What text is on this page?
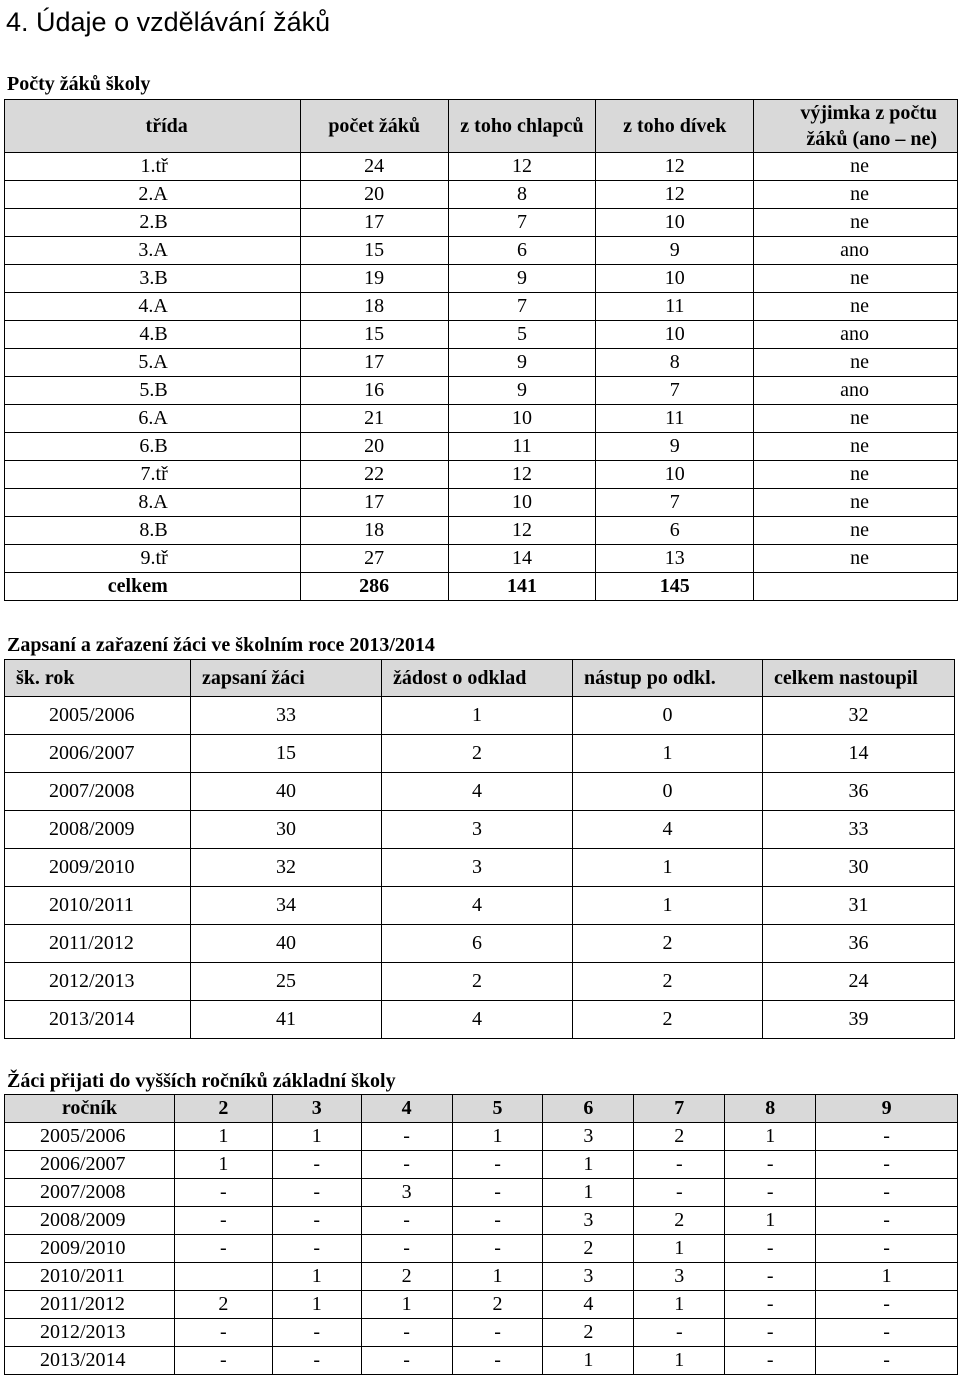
4. Údaje o vzdělávání žáků

Počty žáků školy

třída	počet žáků	z toho chlapců	z toho dívek	výjimka z počtu žáků (ano – ne)
1.tř	24	12	12	ne
2.A	20	8	12	ne
2.B	17	7	10	ne
3.A	15	6	9	ano
3.B	19	9	10	ne
4.A	18	7	11	ne
4.B	15	5	10	ano
5.A	17	9	8	ne
5.B	16	9	7	ano
6.A	21	10	11	ne
6.B	20	11	9	ne
7.tř	22	12	10	ne
8.A	17	10	7	ne
8.B	18	12	6	ne
9.tř	27	14	13	ne
celkem	286	141	145	

Zapsaní a zařazení žáci ve školním roce 2013/2014

šk. rok	zapsaní žáci	žádost o odklad	nástup po odkl.	celkem nastoupil
2005/2006	33	1	0	32
2006/2007	15	2	1	14
2007/2008	40	4	0	36
2008/2009	30	3	4	33
2009/2010	32	3	1	30
2010/2011	34	4	1	31
2011/2012	40	6	2	36
2012/2013	25	2	2	24
2013/2014	41	4	2	39

Žáci přijati do vyšších ročníků základní školy

ročník	2	3	4	5	6	7	8	9
2005/2006	1	1	-	1	3	2	1	-
2006/2007	1	-	-	-	1	-	-	-
2007/2008	-	-	3	-	1	-	-	-
2008/2009	-	-	-	-	3	2	1	-
2009/2010	-	-	-	-	2	1	-	-
2010/2011		1	2	1	3	3	-	1
2011/2012	2	1	1	2	4	1	-	-
2012/2013	-	-	-	-	2	-	-	-
2013/2014	-	-	-	-	1	1	-	-
